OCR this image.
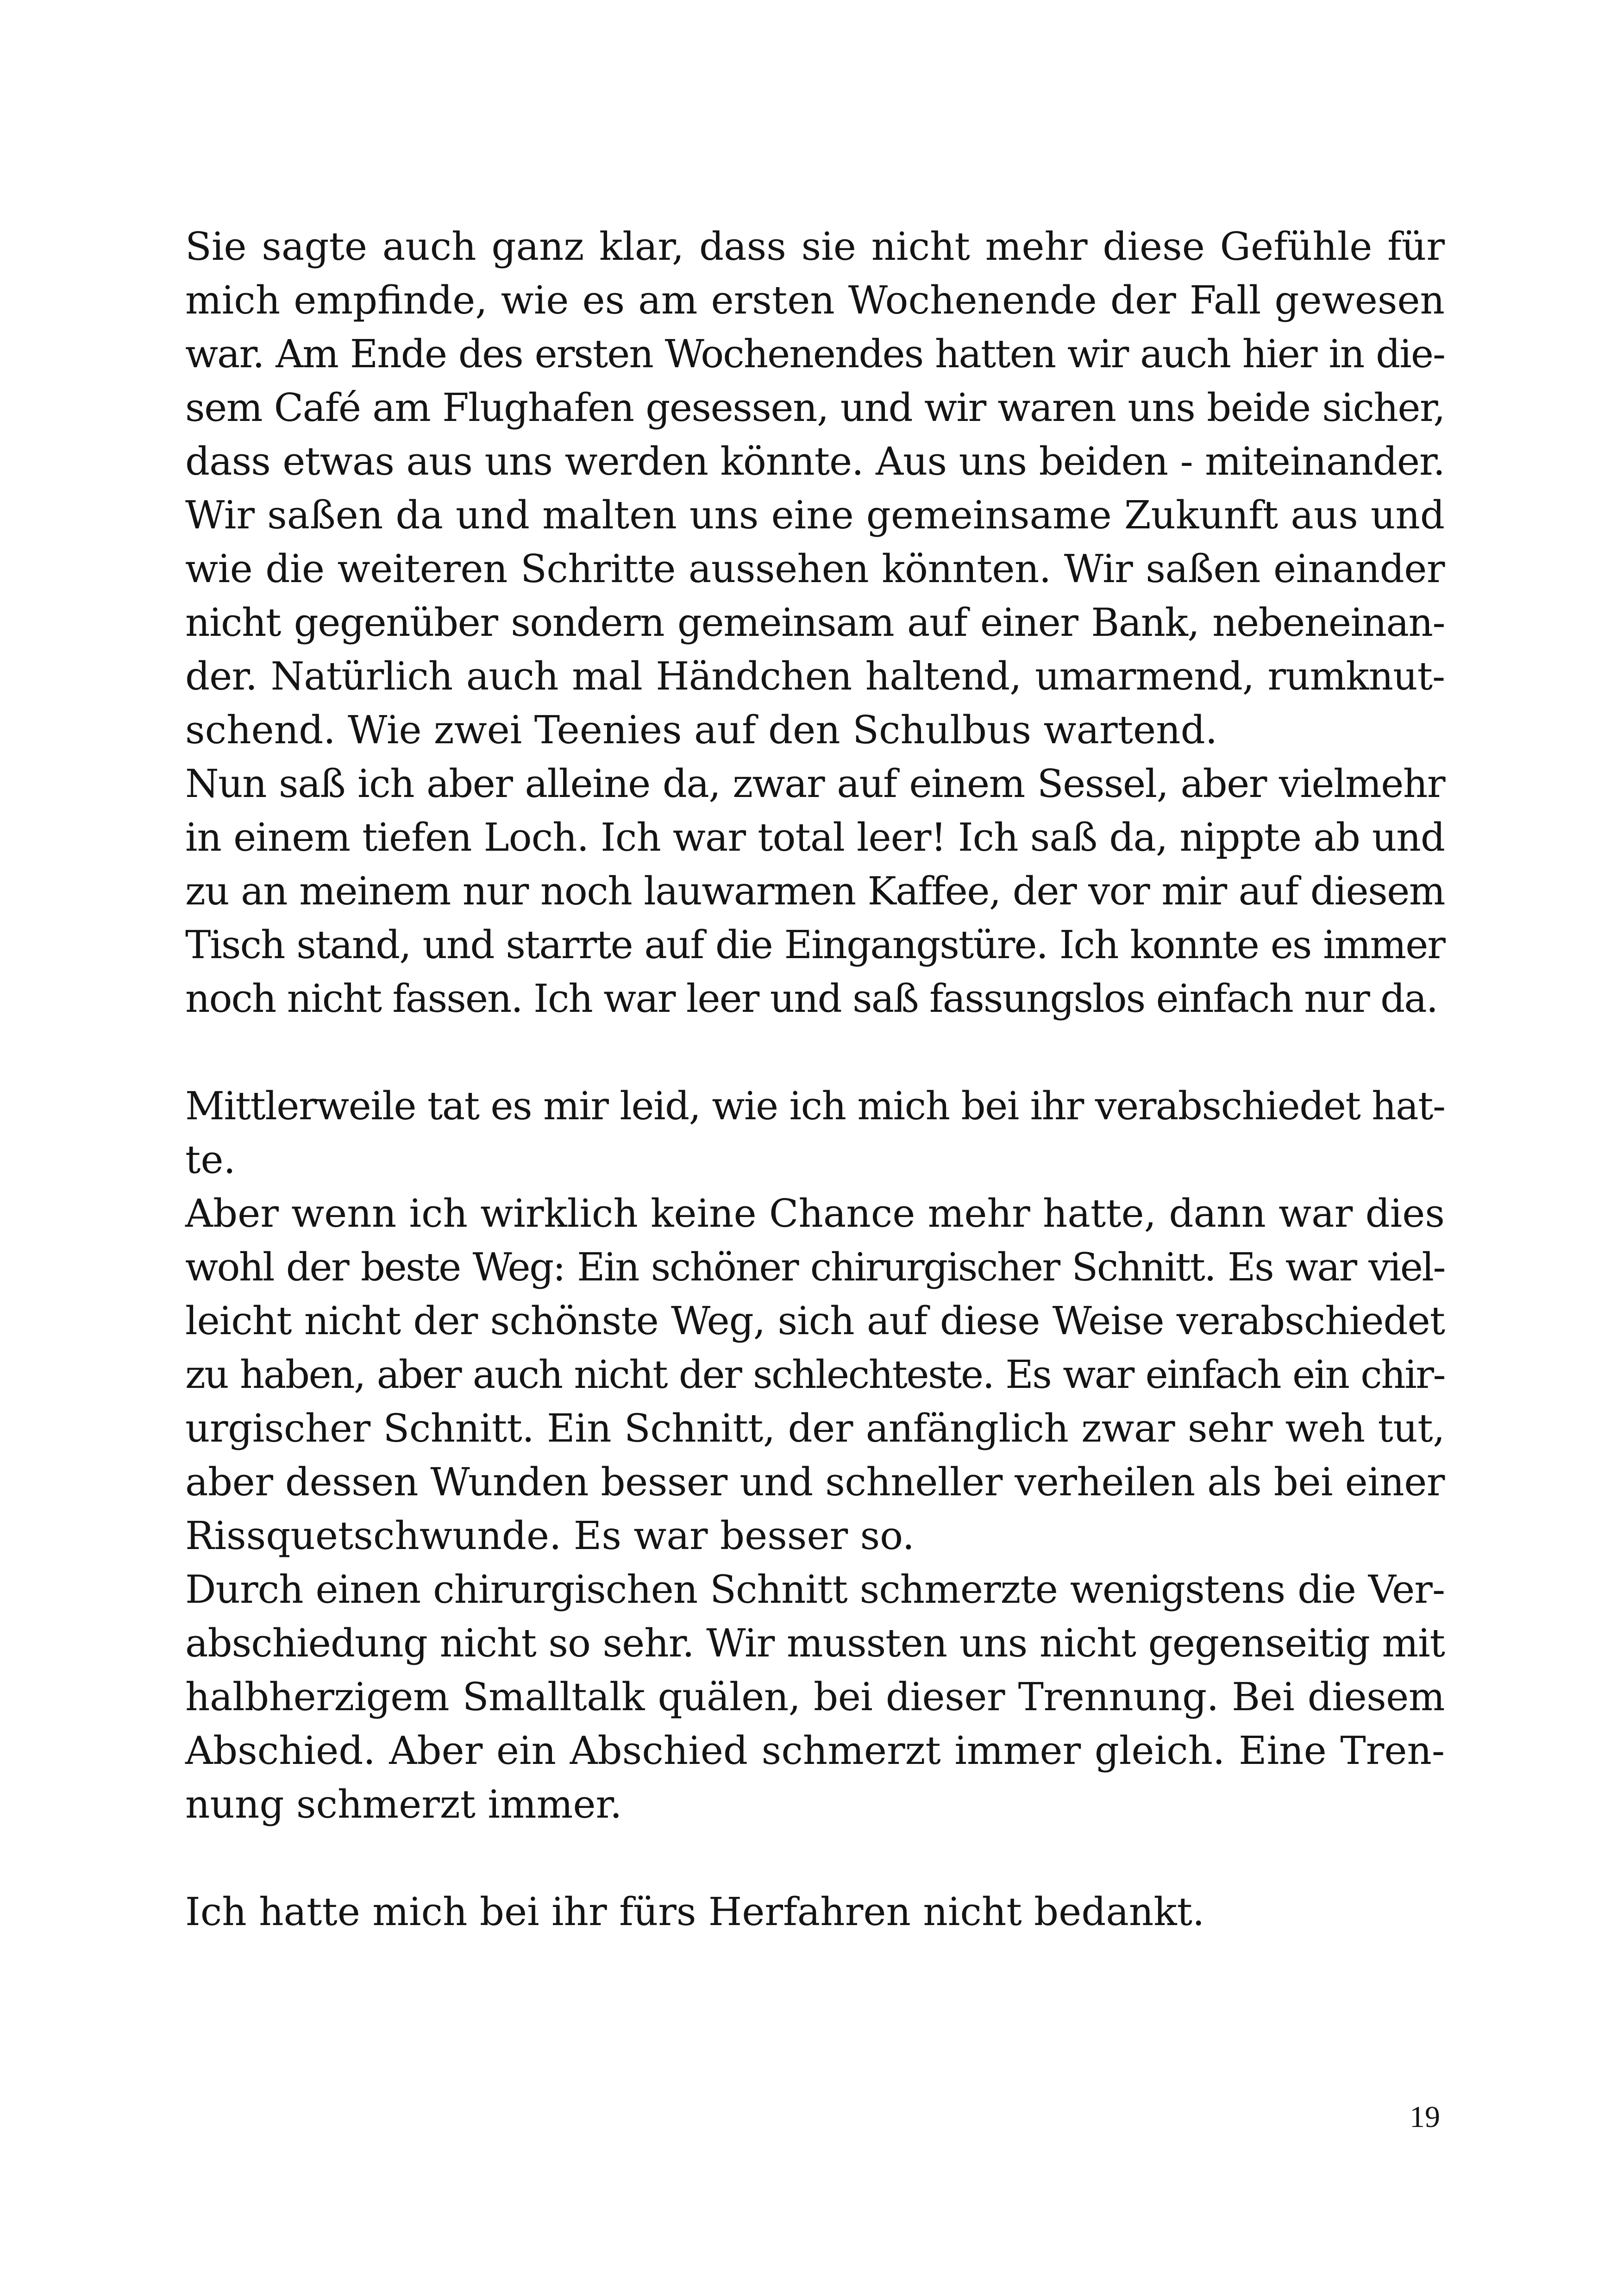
Sie sagte auch ganz klar, dass sie nicht mehr diese Gefühle für
mich empfinde, wie es am ersten Wochenende der Fall gewesen
war. Am Ende des ersten Wochenendes hatten wir auch hier in die-
sem Café am Flughafen gesessen, und wir waren uns beide sicher,
dass etwas aus uns werden könnte. Aus uns beiden - miteinander.
Wir saßen da und malten uns eine gemeinsame Zukunft aus und
wie die weiteren Schritte aussehen könnten. Wir saßen einander
nicht gegenüber sondern gemeinsam auf einer Bank, nebeneinan-
der. Natürlich auch mal Händchen haltend, umarmend, rumknut-
schend. Wie zwei Teenies auf den Schulbus wartend.
Nun saß ich aber alleine da, zwar auf einem Sessel, aber vielmehr
in einem tiefen Loch. Ich war total leer! Ich saß da, nippte ab und
zu an meinem nur noch lauwarmen Kaffee, der vor mir auf diesem
Tisch stand, und starrte auf die Eingangstüre. Ich konnte es immer
noch nicht fassen. Ich war leer und saß fassungslos einfach nur da.
Mittlerweile tat es mir leid, wie ich mich bei ihr verabschiedet hat-
te.
Aber wenn ich wirklich keine Chance mehr hatte, dann war dies
wohl der beste Weg: Ein schöner chirurgischer Schnitt. Es war viel-
leicht nicht der schönste Weg, sich auf diese Weise verabschiedet
zu haben, aber auch nicht der schlechteste. Es war einfach ein chir-
urgischer Schnitt. Ein Schnitt, der anfänglich zwar sehr weh tut,
aber dessen Wunden besser und schneller verheilen als bei einer
Rissquetschwunde. Es war besser so.
Durch einen chirurgischen Schnitt schmerzte wenigstens die Ver-
abschiedung nicht so sehr. Wir mussten uns nicht gegenseitig mit
halbherzigem Smalltalk quälen, bei dieser Trennung. Bei diesem
Abschied. Aber ein Abschied schmerzt immer gleich. Eine Tren-
nung schmerzt immer.
Ich hatte mich bei ihr fürs Herfahren nicht bedankt.
19
